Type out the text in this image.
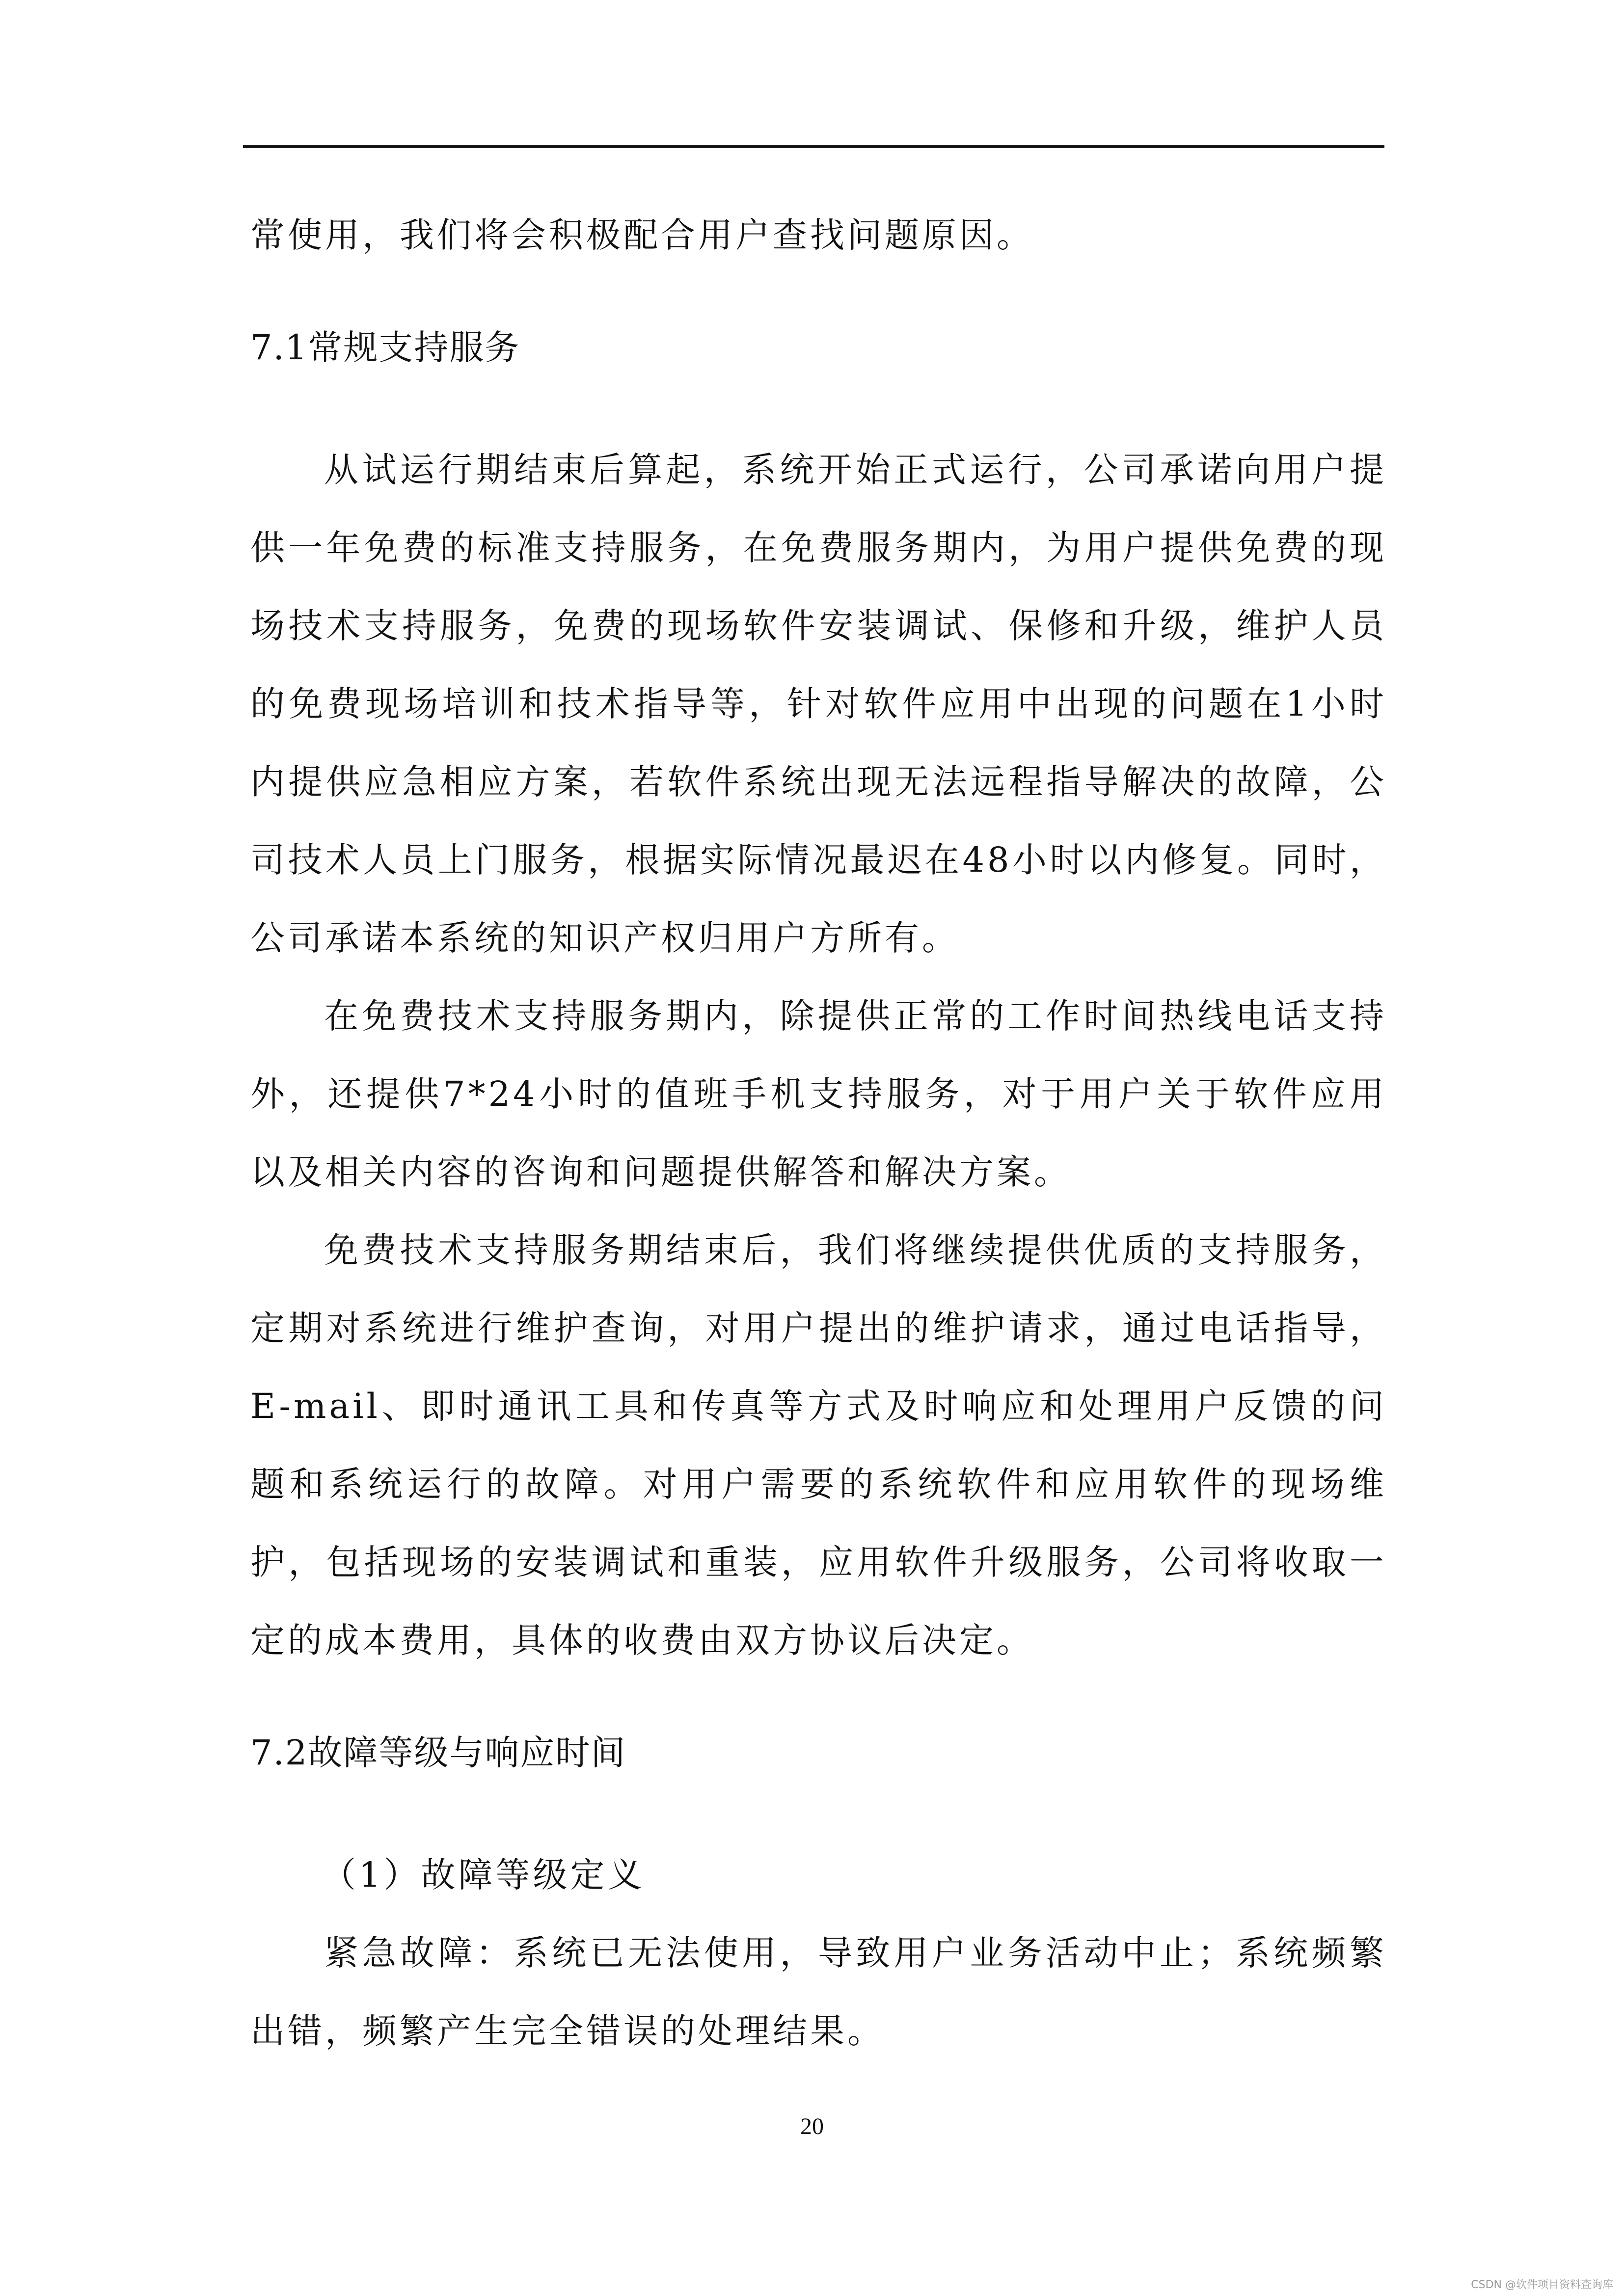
常使用，我们将会积极配合用户查找问题原因。

7.1常规支持服务

从试运行期结束后算起，系统开始正式运行，公司承诺向用户提供一年免费的标准支持服务，在免费服务期内，为用户提供免费的现场技术支持服务，免费的现场软件安装调试、保修和升级，维护人员的免费现场培训和技术指导等，针对软件应用中出现的问题在1小时内提供应急相应方案，若软件系统出现无法远程指导解决的故障，公司技术人员上门服务，根据实际情况最迟在48小时以内修复。同时，公司承诺本系统的知识产权归用户方所有。

在免费技术支持服务期内，除提供正常的工作时间热线电话支持外，还提供7*24小时的值班手机支持服务，对于用户关于软件应用以及相关内容的咨询和问题提供解答和解决方案。

免费技术支持服务期结束后，我们将继续提供优质的支持服务，定期对系统进行维护查询，对用户提出的维护请求，通过电话指导，E-mail、即时通讯工具和传真等方式及时响应和处理用户反馈的问题和系统运行的故障。对用户需要的系统软件和应用软件的现场维护，包括现场的安装调试和重装，应用软件升级服务，公司将收取一定的成本费用，具体的收费由双方协议后决定。

7.2故障等级与响应时间

（1）故障等级定义

紧急故障：系统已无法使用，导致用户业务活动中止；系统频繁出错，频繁产生完全错误的处理结果。

20
CSDN @软件项目资料查询库
